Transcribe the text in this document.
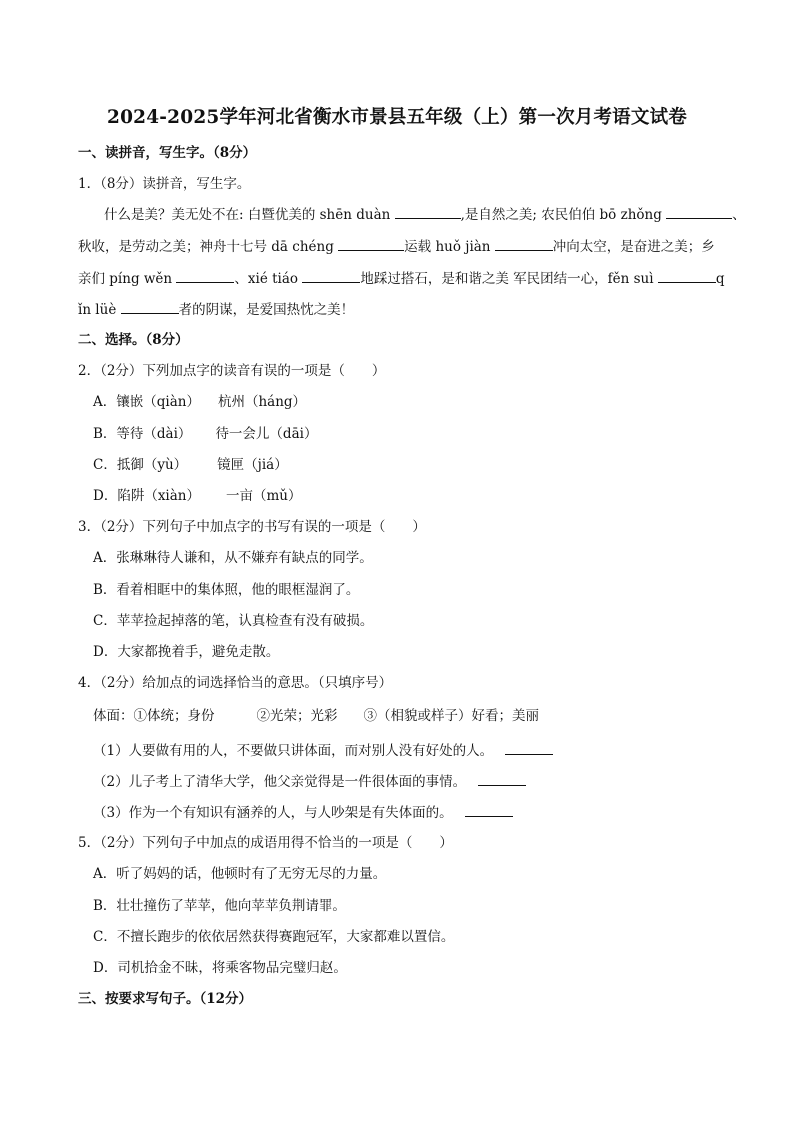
2024-2025学年河北省衡水市景县五年级（上）第一次月考语文试卷
一、读拼音，写生字。（8分）
1．（8分）读拼音，写生字。
什么是美？美无处不在: 白暨优美的 shēn duàn	,是自然之美; 农民伯伯 bō zhǒng	、
秋收，是劳动之美；神舟十七号 dā chéng	运载 huǒ jiàn	冲向太空，是奋进之美；乡
亲们 píng wěn	、xié tiáo	地踩过搭石，是和谐之美 军民团结一心，fěn suì	q
ǐn lüè	者的阴谋，是爱国热忱之美！
二、选择。（8分）
2．（2分）下列加点字的读音有误的一项是（　　）
A．镶嵌（qiàn） 杭州（háng）
B．等待（dài） 待一会儿（dāi）
C．抵御（yù） 镜匣（jiá）
D．陷阱（xiàn） 一亩（mǔ）
3．（2分）下列句子中加点字的书写有误的一项是（　　）
A．张琳琳待人谦和，从不嫌弃有缺点的同学。
B．看着相眶中的集体照，他的眼框湿润了。
C．苹苹捡起掉落的笔，认真检查有没有破损。
D．大家都挽着手，避免走散。
4．（2分）给加点的词选择恰当的意思。（只填序号）
体面：①体统；身份	②光荣；光彩 ③（相貌或样子）好看；美丽
（1）人要做有用的人，不要做只讲体面，而对别人没有好处的人。
（2）儿子考上了清华大学，他父亲觉得是一件很体面的事情。
（3）作为一个有知识有涵养的人，与人吵架是有失体面的。
5．（2分）下列句子中加点的成语用得不恰当的一项是（　　）
A．听了妈妈的话，他顿时有了无穷无尽的力量。
B．壮壮撞伤了苹苹，他向苹苹负荆请罪。
C．不擅长跑步的依依居然获得赛跑冠军，大家都难以置信。
D．司机拾金不昧，将乘客物品完璧归赵。
三、按要求写句子。（12分）
